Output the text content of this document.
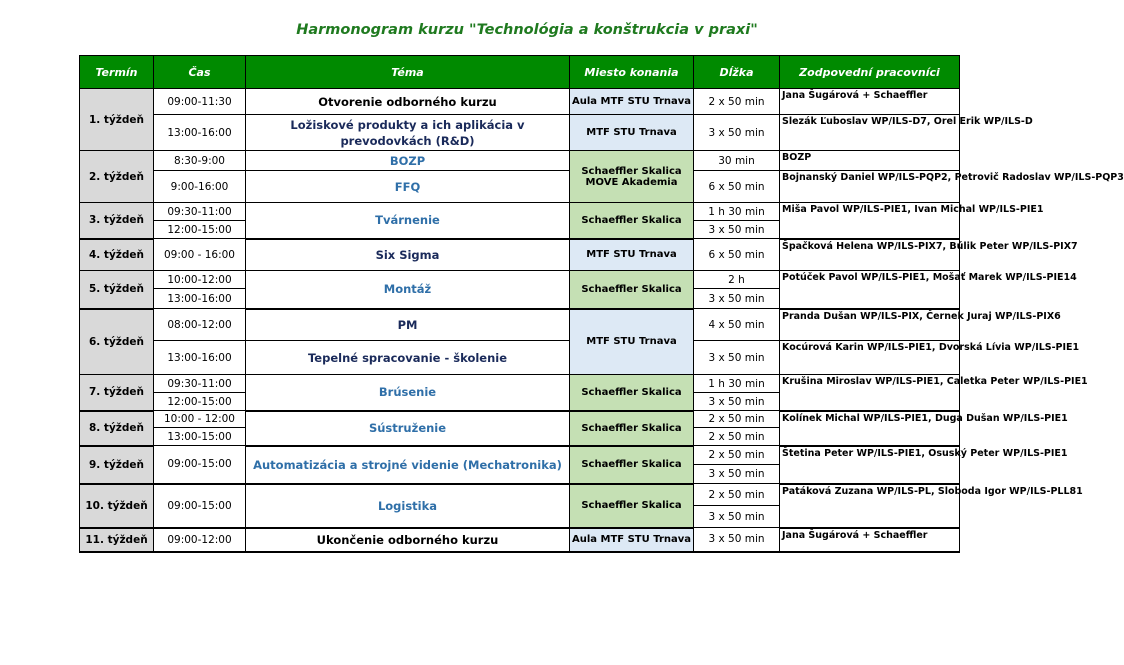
Harmonogram kurzu "Technológia a konštrukcia v praxi"
Termín	Čas	Téma	Miesto konania	Dĺžka	Zodpovední pracovníci
1. týždeň	09:00-11:30	Otvorenie odborného kurzu	Aula MTF STU Trnava	2 x 50 min	Jana Šugárová + Schaeffler
	13:00-16:00	Ložiskové produkty a ich aplikácia v prevodovkách (R&D)	MTF STU Trnava	3 x 50 min	Slezák Ľuboslav WP/ILS-D7, Orel Erik WP/ILS-D
2. týždeň	8:30-9:00	BOZP	Schaeffler Skalica MOVE Akademia	30 min	BOZP
	9:00-16:00	FFQ		6 x 50 min	Bojnanský Daniel WP/ILS-PQP2, Petrovič Radoslav WP/ILS-PQP3
3. týždeň	09:30-11:00	Tvárnenie	Schaeffler Skalica	1 h 30 min	Miša Pavol WP/ILS-PIE1, Ivan Michal WP/ILS-PIE1
	12:00-15:00			3 x 50 min	
4. týždeň	09:00 - 16:00	Six Sigma	MTF STU Trnava	6 x 50 min	Špačková Helena WP/ILS-PIX7, Búlik Peter WP/ILS-PIX7
5. týždeň	10:00-12:00	Montáž	Schaeffler Skalica	2 h	Potúček Pavol WP/ILS-PIE1, Mošať Marek WP/ILS-PIE14
	13:00-16:00			3 x 50 min	
6. týždeň	08:00-12:00	PM	MTF STU Trnava	4 x 50 min	Pranda Dušan WP/ILS-PIX, Černek Juraj WP/ILS-PIX6
	13:00-16:00	Tepelné spracovanie - školenie		3 x 50 min	Kocúrová Karin WP/ILS-PIE1, Dvorská Lívia WP/ILS-PIE1
7. týždeň	09:30-11:00	Brúsenie	Schaeffler Skalica	1 h 30 min	Krušina Miroslav WP/ILS-PIE1, Caletka Peter WP/ILS-PIE1
	12:00-15:00			3 x 50 min	
8. týždeň	10:00 - 12:00	Sústruženie	Schaeffler Skalica	2 x 50 min	Kolínek Michal WP/ILS-PIE1, Duga Dušan WP/ILS-PIE1
	13:00-15:00			2 x 50 min	
9. týždeň	09:00-15:00	Automatizácia a strojné videnie (Mechatronika)	Schaeffler Skalica	2 x 50 min	Štetina Peter WP/ILS-PIE1, Osuský Peter WP/ILS-PIE1
				3 x 50 min	
10. týždeň	09:00-15:00	Logistika	Schaeffler Skalica	2 x 50 min	Patáková Zuzana WP/ILS-PL, Sloboda Igor WP/ILS-PLL81
				3 x 50 min	
11. týždeň	09:00-12:00	Ukončenie odborného kurzu	Aula MTF STU Trnava	3 x 50 min	Jana Šugárová + Schaeffler
